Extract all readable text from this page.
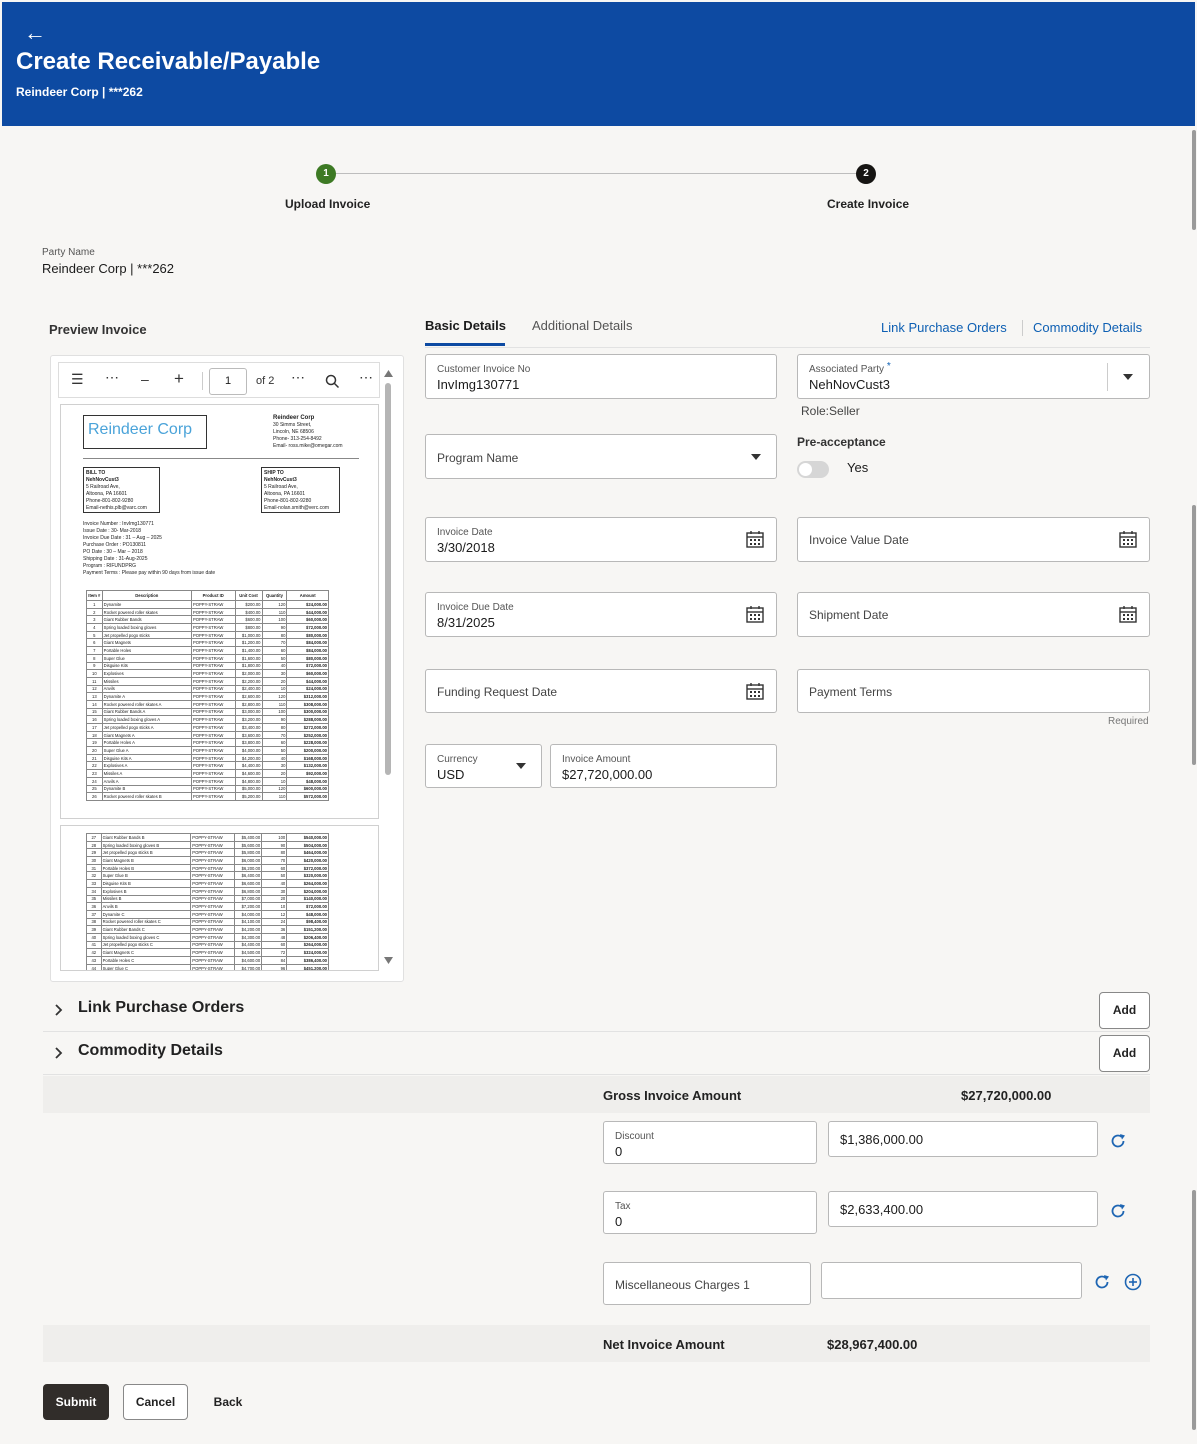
←
Create Receivable/Payable
Reindeer Corp | ***262
1
Upload Invoice
2
Create Invoice
Party Name
Reindeer Corp | ***262
Preview Invoice
☰ ⋯ – +	1	of 2 ⋯	⋯
Reindeer Corp
Reindeer Corp
30 Simms Street,
Lincoln, NE 68506
Phone- 313-254-8492
Email- ross.mike@omegar.com
BILL TO
NehNovCust3
5 Railroad Ave,
Altoona, PA 16601
Phone-801-802-9280
Email-nethis.plb@varc.com
SHIP TO
NehNovCust3
5 Railroad Ave,
Altoona, PA 16601
Phone-801-802-9280
Email-nolan.smith@verc.com
Invoice Number : InvImg130771
Issue Date : 30- Mar-2018
Invoice Due Date : 31 – Aug – 2025
Purchase Order : PO130811
PO Date : 30 – Mar – 2018
Shipping Date : 31-Aug-2025
Program : RIFUNDPRG
Payment Terms : Please pay within 90 days from issue date
Item #	Description	Product ID	Unit Cost	Quantity	Amount
1	Dynamite	POPPY-STRAW	$200.00	120	$24,000.00
2	Rocket powered roller skates	POPPY-STRAW	$400.00	110	$44,000.00
3	Giant Rubber Bands	POPPY-STRAW	$600.00	100	$60,000.00
4	Spring loaded boxing gloves	POPPY-STRAW	$800.00	90	$72,000.00
5	Jet propelled pogo sticks	POPPY-STRAW	$1,000.00	80	$80,000.00
6	Giant Magnets	POPPY-STRAW	$1,200.00	70	$84,000.00
7	Portable Holes	POPPY-STRAW	$1,400.00	60	$84,000.00
8	Super Glue	POPPY-STRAW	$1,600.00	50	$80,000.00
9	Disguise Kits	POPPY-STRAW	$1,800.00	40	$72,000.00
10	Explosives	POPPY-STRAW	$2,000.00	30	$60,000.00
11	Missiles	POPPY-STRAW	$2,200.00	20	$44,000.00
12	Anvils	POPPY-STRAW	$2,400.00	10	$24,000.00
13	Dynamite A	POPPY-STRAW	$2,600.00	120	$312,000.00
14	Rocket powered roller skates A	POPPY-STRAW	$2,800.00	110	$308,000.00
15	Giant Rubber Bands A	POPPY-STRAW	$3,000.00	100	$300,000.00
16	Spring loaded boxing gloves A	POPPY-STRAW	$3,200.00	90	$288,000.00
17	Jet propelled pogo sticks A	POPPY-STRAW	$3,400.00	80	$272,000.00
18	Giant Magnets A	POPPY-STRAW	$3,600.00	70	$252,000.00
19	Portable Holes A	POPPY-STRAW	$3,800.00	60	$228,000.00
20	Super Glue A	POPPY-STRAW	$4,000.00	50	$200,000.00
21	Disguise Kits A	POPPY-STRAW	$4,200.00	40	$168,000.00
22	Explosives A	POPPY-STRAW	$4,400.00	30	$132,000.00
23	Missiles A	POPPY-STRAW	$4,600.00	20	$92,000.00
24	Anvils A	POPPY-STRAW	$4,800.00	10	$48,000.00
25	Dynamite B	POPPY-STRAW	$5,000.00	120	$600,000.00
26	Rocket powered roller skates B	POPPY-STRAW	$5,200.00	110	$572,000.00
27	Giant Rubber Bands B	POPPY-STRAW	$5,400.00	100	$540,000.00
28	Spring loaded boxing gloves B	POPPY-STRAW	$5,600.00	90	$504,000.00
29	Jet propelled pogo sticks B	POPPY-STRAW	$5,800.00	80	$464,000.00
30	Giant Magnets B	POPPY-STRAW	$6,000.00	70	$420,000.00
31	Portable Holes B	POPPY-STRAW	$6,200.00	60	$372,000.00
32	Super Glue B	POPPY-STRAW	$6,400.00	50	$320,000.00
33	Disguise Kits B	POPPY-STRAW	$6,600.00	40	$264,000.00
34	Explosives B	POPPY-STRAW	$6,800.00	30	$204,000.00
35	Missiles B	POPPY-STRAW	$7,000.00	20	$140,000.00
36	Anvils B	POPPY-STRAW	$7,200.00	10	$72,000.00
37	Dynamite C	POPPY-STRAW	$4,000.00	12	$48,000.00
38	Rocket powered roller skates C	POPPY-STRAW	$4,100.00	24	$98,400.00
39	Giant Rubber Bands C	POPPY-STRAW	$4,200.00	36	$151,200.00
40	Spring loaded boxing gloves C	POPPY-STRAW	$4,300.00	48	$206,400.00
41	Jet propelled pogo sticks C	POPPY-STRAW	$4,400.00	60	$264,000.00
42	Giant Magnets C	POPPY-STRAW	$4,500.00	72	$324,000.00
43	Portable Holes C	POPPY-STRAW	$4,600.00	84	$386,400.00
44	Super Glue C	POPPY-STRAW	$4,700.00	96	$451,200.00
Basic Details Additional Details	Link Purchase Orders Commodity Details
Customer Invoice No
InvImg130771
Associated Party *
NehNovCust3
Role:Seller
Program Name
Pre-acceptance
Yes
Invoice Date
3/30/2018	Invoice Value Date
Invoice Due Date
8/31/2025	Shipment Date
Funding Request Date	Payment Terms
Required
Currency
USD
Invoice Amount
$27,720,000.00
Link Purchase Orders	Add
Commodity Details	Add
Gross Invoice Amount	$27,720,000.00
Discount
0
$1,386,000.00
Tax
0
$2,633,400.00
Miscellaneous Charges 1
Net Invoice Amount	$28,967,400.00
Submit	Cancel	Back
